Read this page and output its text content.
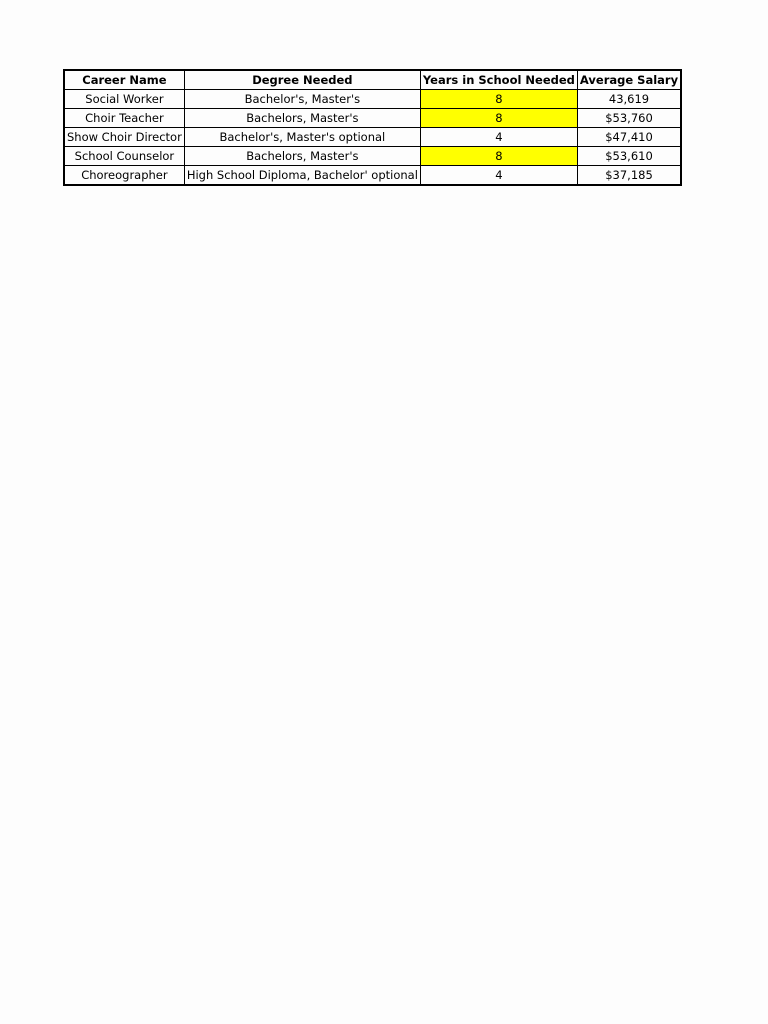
Career Name	Degree Needed	Years in School Needed	Average Salary
Social Worker	Bachelor's, Master's	8	43,619
Choir Teacher	Bachelors, Master's	8	$53,760
Show Choir Director	Bachelor's, Master's optional	4	$47,410
School Counselor	Bachelors, Master's	8	$53,610
Choreographer	High School Diploma, Bachelor' optional	4	$37,185
